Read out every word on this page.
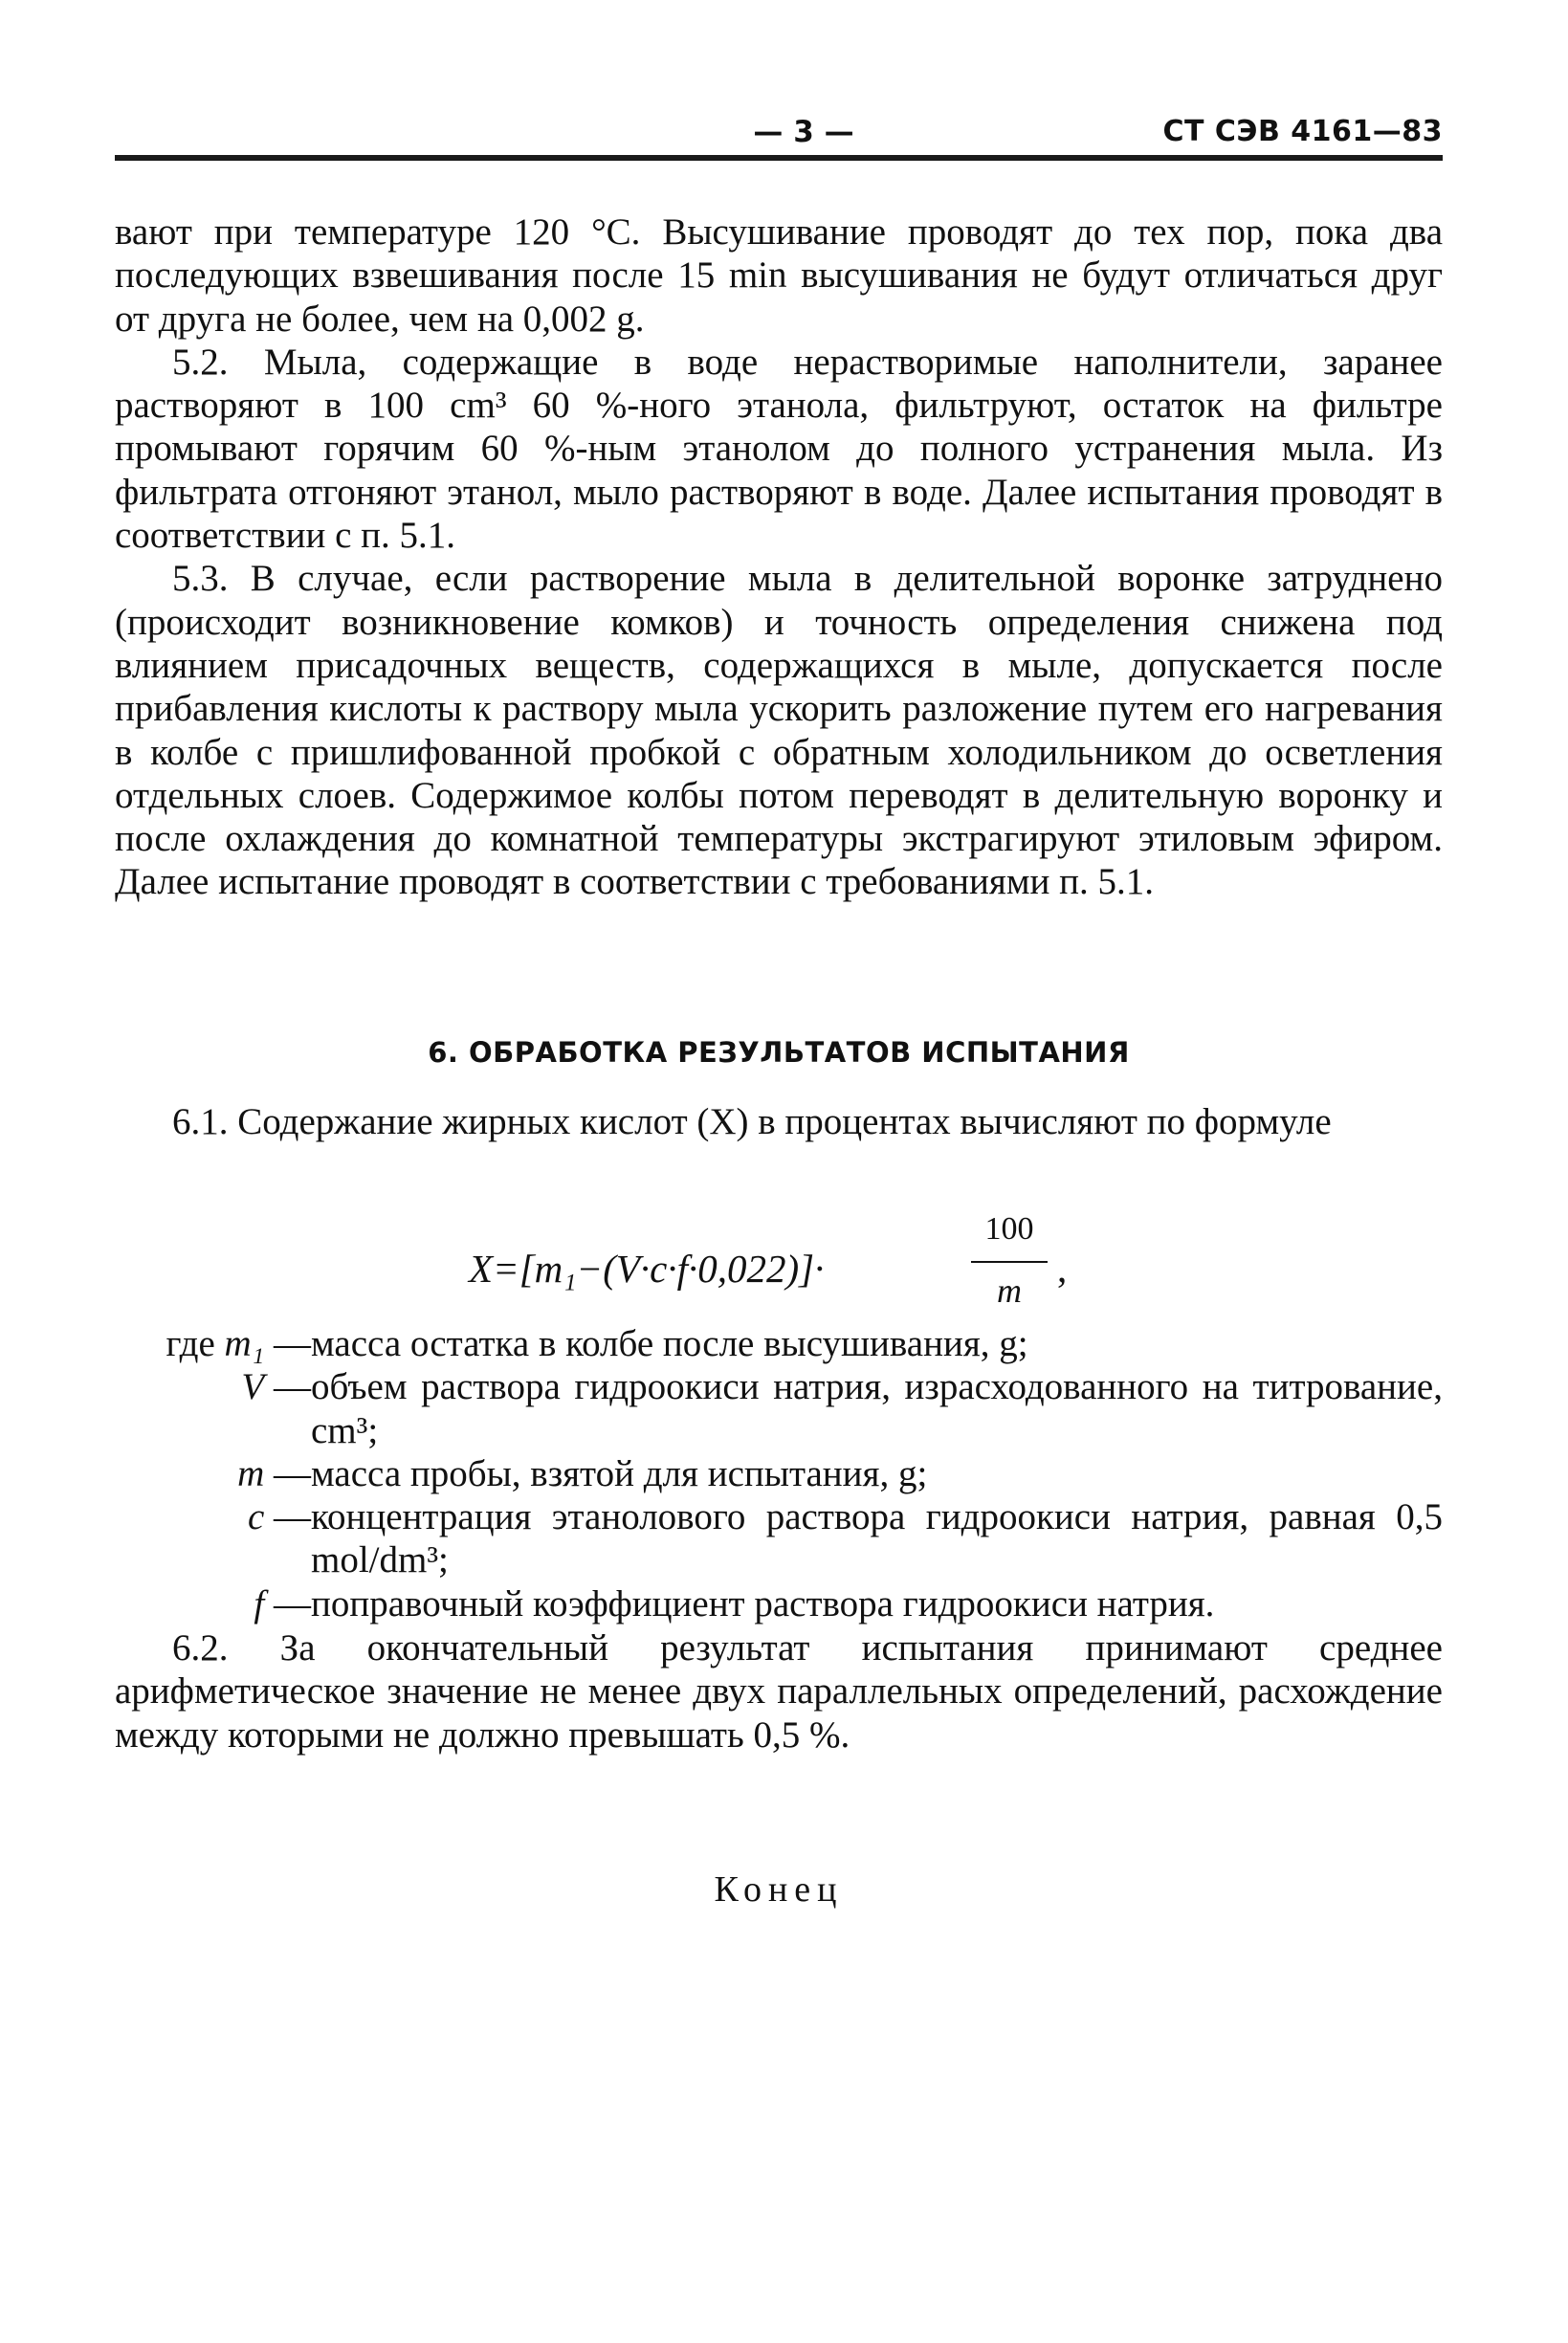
— 3 —	СТ СЭВ 4161—83

вают при температуре 120 °С. Высушивание проводят до тех пор, пока два последующих взвешивания после 15 min высушивания не будут отличаться друг от друга не более, чем на 0,002 g.

5.2. Мыла, содержащие в воде нерастворимые наполнители, заранее растворяют в 100 cm³ 60 %-ного этанола, фильтруют, остаток на фильтре промывают горячим 60 %-ным этанолом до полного устранения мыла. Из фильтрата отгоняют этанол, мыло растворяют в воде. Далее испытания проводят в соответствии с п. 5.1.

5.3. В случае, если растворение мыла в делительной воронке затруднено (происходит возникновение комков) и точность определения снижена под влиянием присадочных веществ, содержащихся в мыле, допускается после прибавления кислоты к раствору мыла ускорить разложение путем его нагревания в колбе с пришлифованной пробкой с обратным холодильником до осветления отдельных слоев. Содержимое колбы потом переводят в делительную воронку и после охлаждения до комнатной температуры экстрагируют этиловым эфиром. Далее испытание проводят в соответствии с требованиями п. 5.1.

6. ОБРАБОТКА РЕЗУЛЬТАТОВ ИСПЫТАНИЯ

6.1. Содержание жирных кислот (X) в процентах вычисляют по формуле

X=[m₁−(V·c·f·0,022)]·
100
m ,
где m₁ — масса остатка в колбе после высушивания, g;
V — объем раствора гидроокиси натрия, израсходованного на титрование, cm³;
m — масса пробы, взятой для испытания, g;
c — концентрация этанолового раствора гидроокиси натрия, равная 0,5 mol/dm³;
f — поправочный коэффициент раствора гидроокиси натрия.

6.2. За окончательный результат испытания принимают среднее арифметическое значение не менее двух параллельных определений, расхождение между которыми не должно превышать 0,5 %.

Конец
